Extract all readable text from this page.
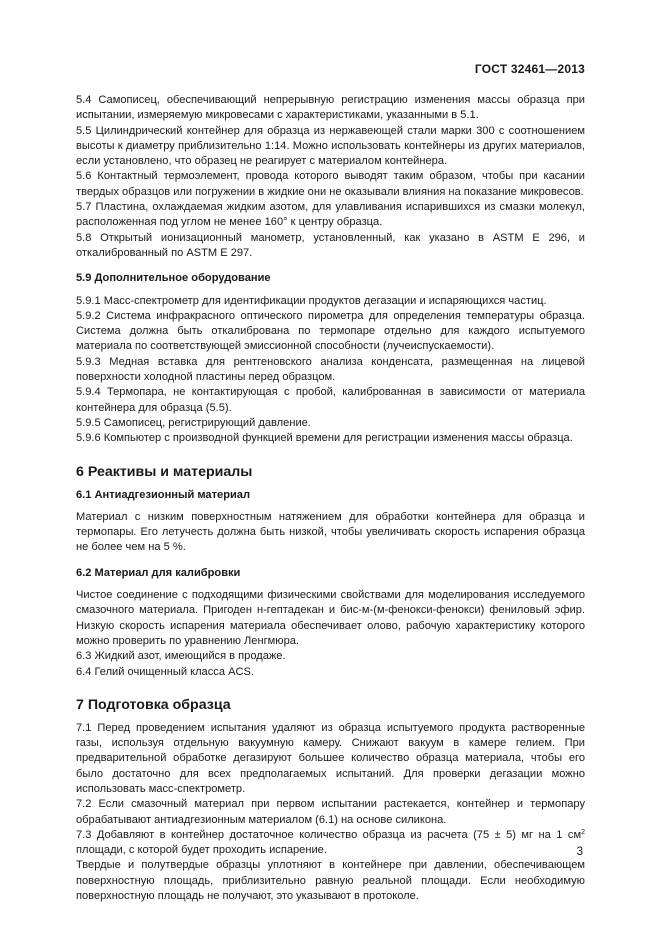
ГОСТ 32461—2013

5.4 Самописец, обеспечивающий непрерывную регистрацию изменения массы образца при испытании, измеряемую микровесами с характеристиками, указанными в 5.1.

5.5 Цилиндрический контейнер для образца из нержавеющей стали марки 300 с соотношением высоты к диаметру приблизительно 1:14. Можно использовать контейнеры из других материалов, если установлено, что образец не реагирует с материалом контейнера.

5.6 Контактный термоэлемент, провода которого выводят таким образом, чтобы при касании твердых образцов или погружении в жидкие они не оказывали влияния на показание микровесов.

5.7 Пластина, охлаждаемая жидким азотом, для улавливания испарившихся из смазки молекул, расположенная под углом не менее 160° к центру образца.

5.8 Открытый ионизационный манометр, установленный, как указано в ASTM E 296, и откалиброванный по ASTM E 297.

5.9 Дополнительное оборудование

5.9.1 Масс-спектрометр для идентификации продуктов дегазации и испаряющихся частиц.

5.9.2 Система инфракрасного оптического пирометра для определения температуры образца. Система должна быть откалибрована по термопаре отдельно для каждого испытуемого материала по соответствующей эмиссионной способности (лучеиспускаемости).

5.9.3 Медная вставка для рентгеновского анализа конденсата, размещенная на лицевой поверхности холодной пластины перед образцом.

5.9.4 Термопара, не контактирующая с пробой, калиброванная в зависимости от материала контейнера для образца (5.5).

5.9.5 Самописец, регистрирующий давление.

5.9.6 Компьютер с производной функцией времени для регистрации изменения массы образца.

6 Реактивы и материалы
6.1 Антиадгезионный материал

Материал с низким поверхностным натяжением для обработки контейнера для образца и термопары. Его летучесть должна быть низкой, чтобы увеличивать скорость испарения образца не более чем на 5 %.

6.2 Материал для калибровки

Чистое соединение с подходящими физическими свойствами для моделирования исследуемого смазочного материала. Пригоден н-гептадекан и бис-м-(м-фенокси-фенокси) фениловый эфир. Низкую скорость испарения материала обеспечивает олово, рабочую характеристику которого можно проверить по уравнению Ленгмюра.

6.3 Жидкий азот, имеющийся в продаже.

6.4 Гелий очищенный класса ACS.

7 Подготовка образца

7.1 Перед проведением испытания удаляют из образца испытуемого продукта растворенные газы, используя отдельную вакуумную камеру. Снижают вакуум в камере гелием. При предварительной обработке дегазируют большее количество образца материала, чтобы его было достаточно для всех предполагаемых испытаний. Для проверки дегазации можно использовать масс-спектрометр.

7.2 Если смазочный материал при первом испытании растекается, контейнер и термопару обрабатывают антиадгезионным материалом (6.1) на основе силикона.

7.3 Добавляют в контейнер достаточное количество образца из расчета (75 ± 5) мг на 1 $см^2$ площади, с которой будет проходить испарение.

Твердые и полутвердые образцы уплотняют в контейнере при давлении, обеспечивающем поверхностную площадь, приблизительно равную реальной площади. Если необходимую поверхностную площадь не получают, это указывают в протоколе.

3
